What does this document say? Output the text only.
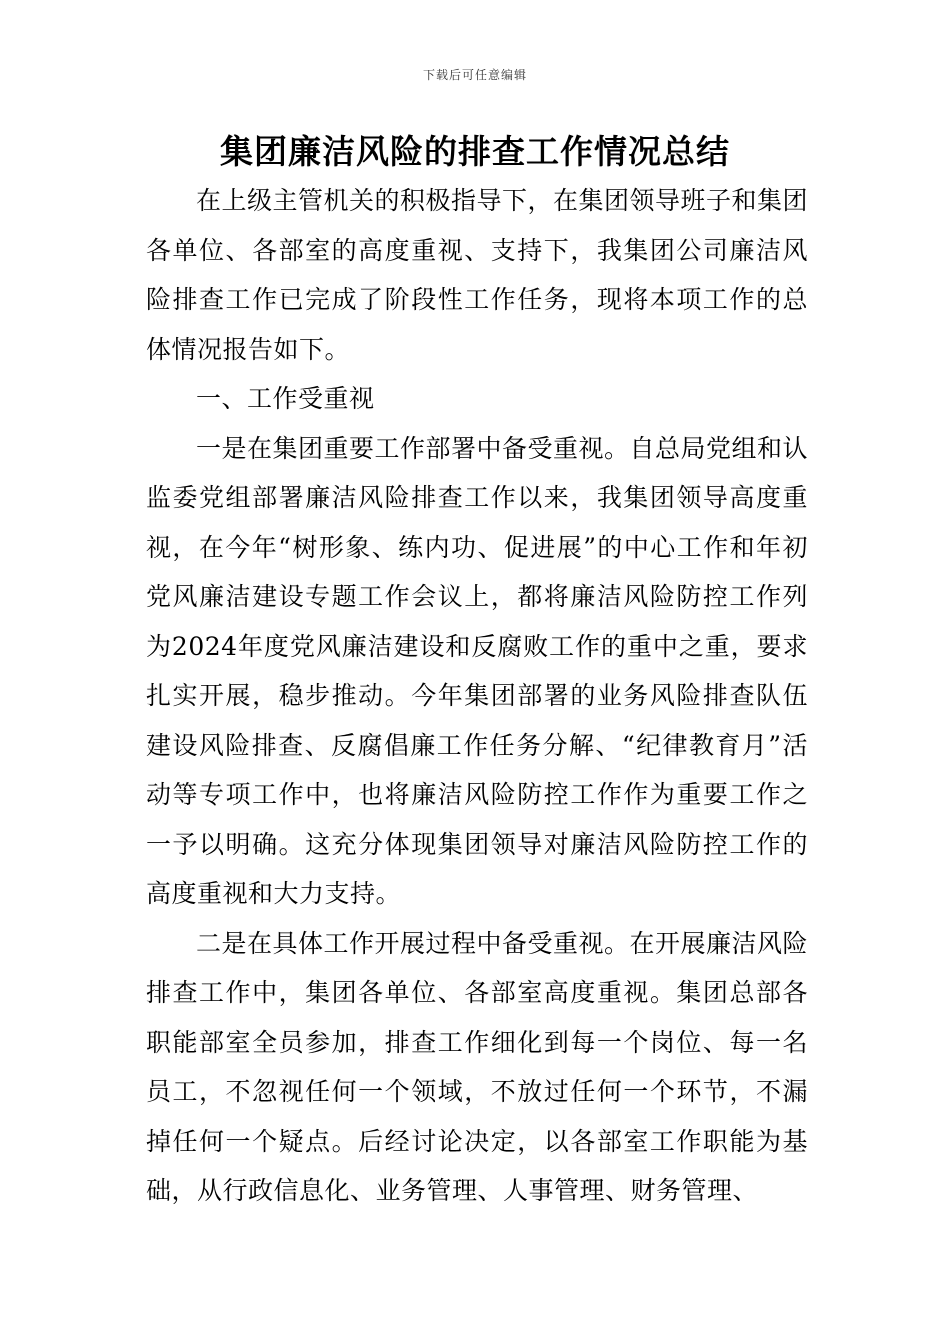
下载后可任意编辑
集团廉洁风险的排查工作情况总结

在上级主管机关的积极指导下，在集团领导班子和集团各单位、各部室的高度重视、支持下，我集团公司廉洁风险排查工作已完成了阶段性工作任务，现将本项工作的总体情况报告如下。

一、工作受重视

一是在集团重要工作部署中备受重视。自总局党组和认监委党组部署廉洁风险排查工作以来，我集团领导高度重视，在今年“树形象、练内功、促进展”的中心工作和年初党风廉洁建设专题工作会议上，都将廉洁风险防控工作列为2024年度党风廉洁建设和反腐败工作的重中之重，要求扎实开展，稳步推动。今年集团部署的业务风险排查队伍建设风险排查、反腐倡廉工作任务分解、“纪律教育月”活动等专项工作中，也将廉洁风险防控工作作为重要工作之一予以明确。这充分体现集团领导对廉洁风险防控工作的高度重视和大力支持。

二是在具体工作开展过程中备受重视。在开展廉洁风险排查工作中，集团各单位、各部室高度重视。集团总部各职能部室全员参加，排查工作细化到每一个岗位、每一名员工，不忽视任何一个领域，不放过任何一个环节，不漏掉任何一个疑点。后经讨论决定，以各部室工作职能为基础，从行政信息化、业务管理、人事管理、财务管理、
